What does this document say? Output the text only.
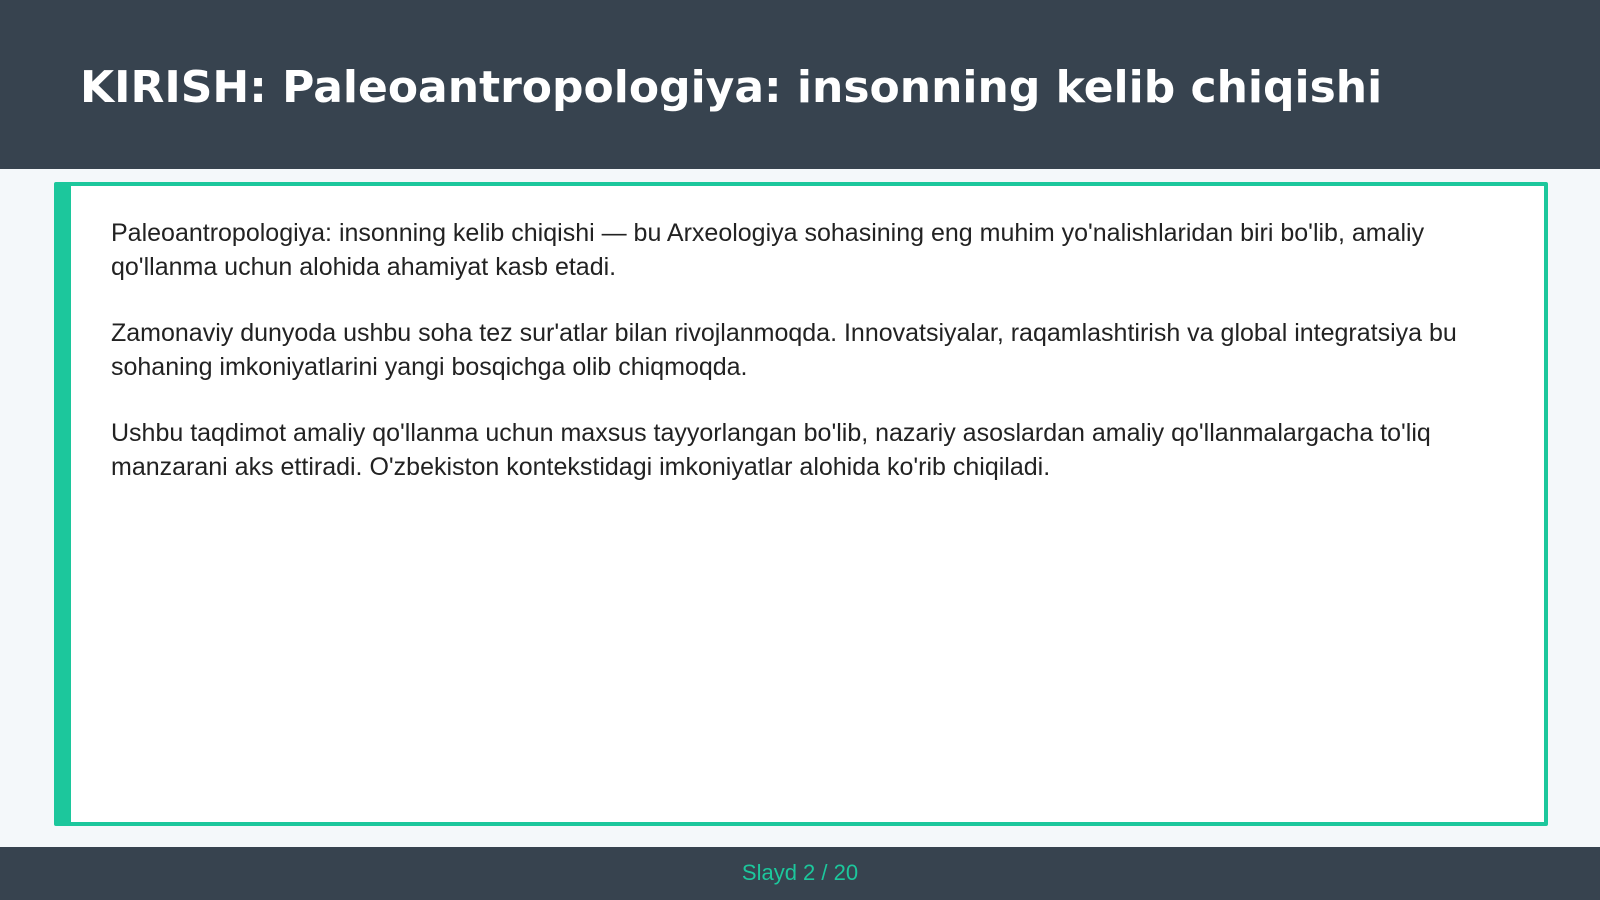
KIRISH: Paleoantropologiya: insonning kelib chiqishi

Paleoantropologiya: insonning kelib chiqishi — bu Arxeologiya sohasining eng muhim yo'nalishlaridan biri bo'lib, amaliy qo'llanma uchun alohida ahamiyat kasb etadi.

Zamonaviy dunyoda ushbu soha tez sur'atlar bilan rivojlanmoqda. Innovatsiyalar, raqamlashtirish va global integratsiya bu sohaning imkoniyatlarini yangi bosqichga olib chiqmoqda.

Ushbu taqdimot amaliy qo'llanma uchun maxsus tayyorlangan bo'lib, nazariy asoslardan amaliy qo'llanmalargacha to'liq manzarani aks ettiradi. O'zbekiston kontekstidagi imkoniyatlar alohida ko'rib chiqiladi.

Slayd 2 / 20
